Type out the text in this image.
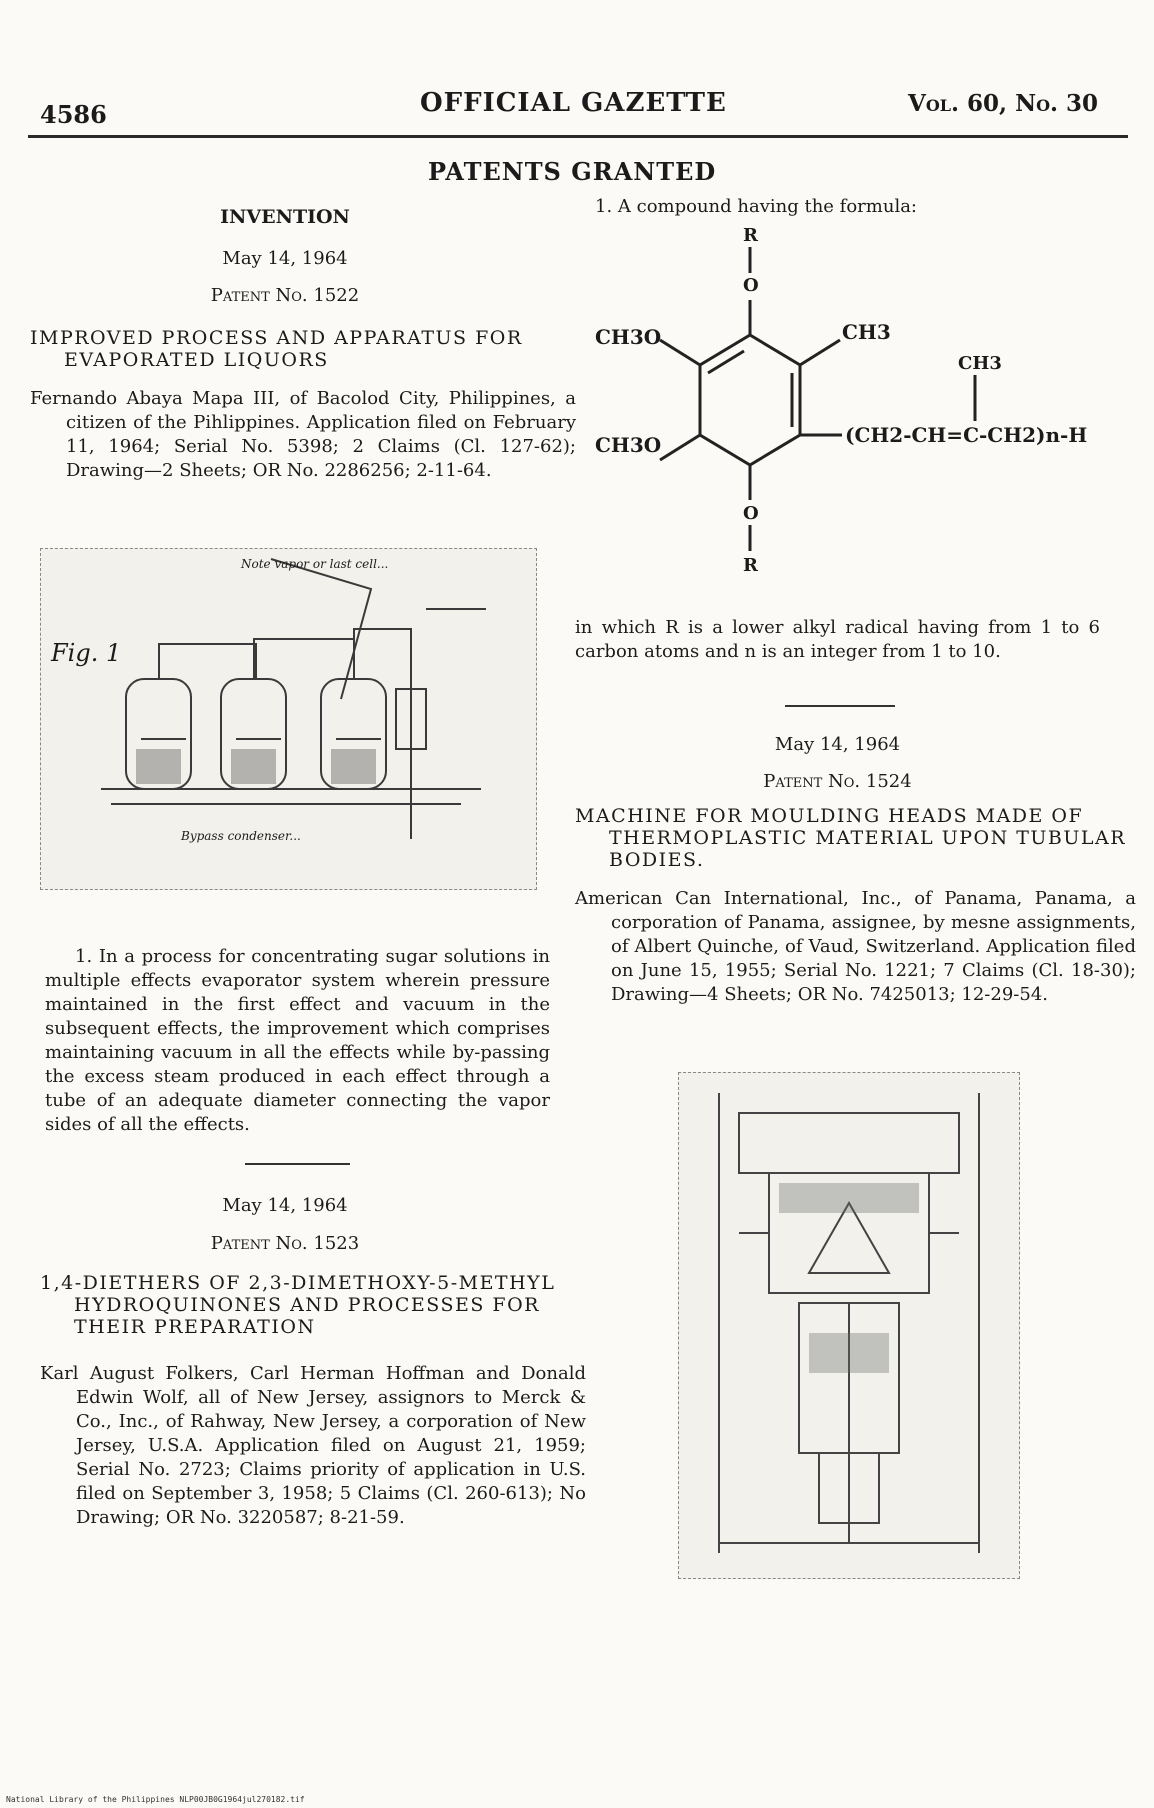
4586	OFFICIAL GAZETTE	Vol. 60, No. 30
PATENTS GRANTED
INVENTION
May 14, 1964
Patent No. 1522
IMPROVED PROCESS AND APPARATUS FOR EVAPORATED LIQUORS
Fernando Abaya Mapa III, of Bacolod City, Philippines, a citizen of the Pihlippines. Application filed on February 11, 1964; Serial No. 5398; 2 Claims (Cl. 127-62); Drawing—2 Sheets; OR No. 2286256; 2-11-64.
Fig. 1
Note vapor or last cell...
Bypass condenser...
1. In a process for concentrating sugar solutions in multiple effects evaporator system wherein pressure maintained in the first effect and vacuum in the subsequent effects, the improvement which comprises maintaining vacuum in all the effects while by-passing the excess steam produced in each effect through a tube of an adequate diameter connecting the vapor sides of all the effects.
May 14, 1964
Patent No. 1523
1,4-DIETHERS OF 2,3-DIMETHOXY-5-METHYL HYDROQUINONES AND PROCESSES FOR THEIR PREPARATION
Karl August Folkers, Carl Herman Hoffman and Donald Edwin Wolf, all of New Jersey, assignors to Merck & Co., Inc., of Rahway, New Jersey, a corporation of New Jersey, U.S.A. Application filed on August 21, 1959; Serial No. 2723; Claims priority of application in U.S. filed on September 3, 1958; 5 Claims (Cl. 260-613); No Drawing; OR No. 3220587; 8-21-59.
1. A compound having the formula:
R
O
CH3O	CH3
CH3
CH3O	(CH2-CH=C-CH2)n-H
O
R
in which R is a lower alkyl radical having from 1 to 6 carbon atoms and n is an integer from 1 to 10.
May 14, 1964
Patent No. 1524
MACHINE FOR MOULDING HEADS MADE OF THERMOPLASTIC MATERIAL UPON TUBULAR BODIES.
American Can International, Inc., of Panama, Panama, a corporation of Panama, assignee, by mesne assignments, of Albert Quinche, of Vaud, Switzerland. Application filed on June 15, 1955; Serial No. 1221; 7 Claims (Cl. 18-30); Drawing—4 Sheets; OR No. 7425013; 12-29-54.
National Library of the Philippines NLP00JB0G1964jul270182.tif
